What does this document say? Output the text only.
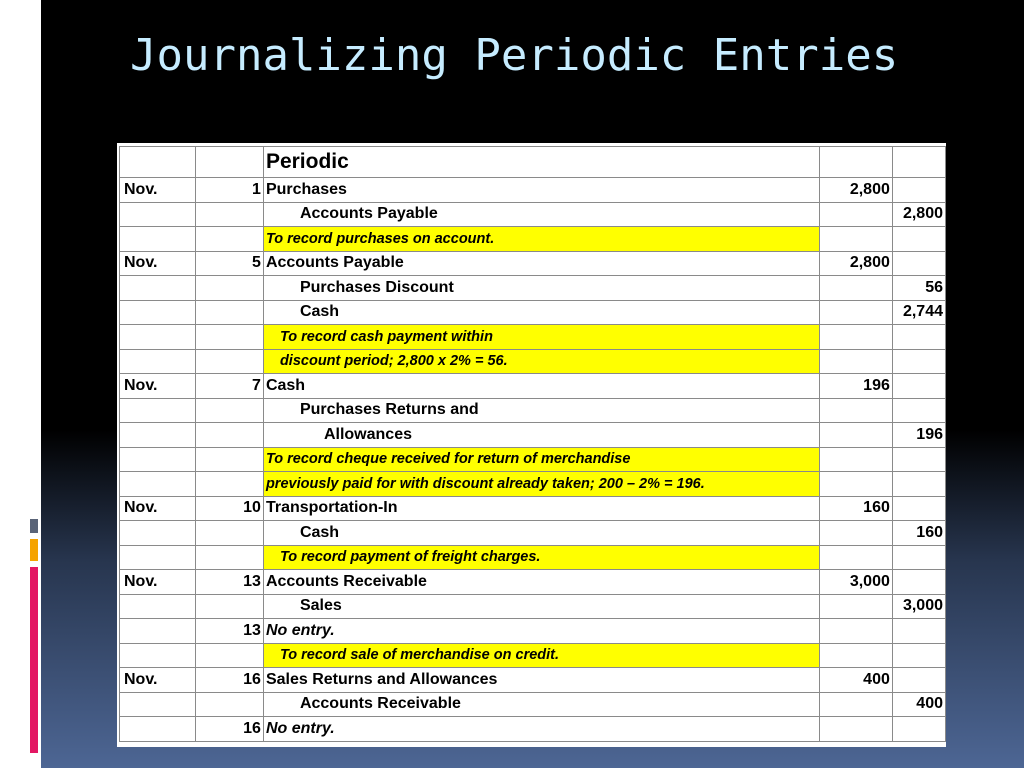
Journalizing Periodic Entries
		Periodic		
Nov.	1	Purchases	2,800	
		Accounts Payable		2,800
		To record purchases on account.		
Nov.	5	Accounts Payable	2,800	
		Purchases Discount		56
		Cash		2,744
		To record cash payment within		
		discount period; 2,800 x 2% = 56.		
Nov.	7	Cash	196	
		Purchases Returns and		
		Allowances		196
		To record cheque received for return of merchandise		
		previously paid for with discount already taken; 200 – 2% = 196.		
Nov.	10	Transportation-In	160	
		Cash		160
		To record payment of freight charges.		
Nov.	13	Accounts Receivable	3,000	
		Sales		3,000
	13	No entry.		
		To record sale of merchandise on credit.		
Nov.	16	Sales Returns and Allowances	400	
		Accounts Receivable		400
	16	No entry.		
